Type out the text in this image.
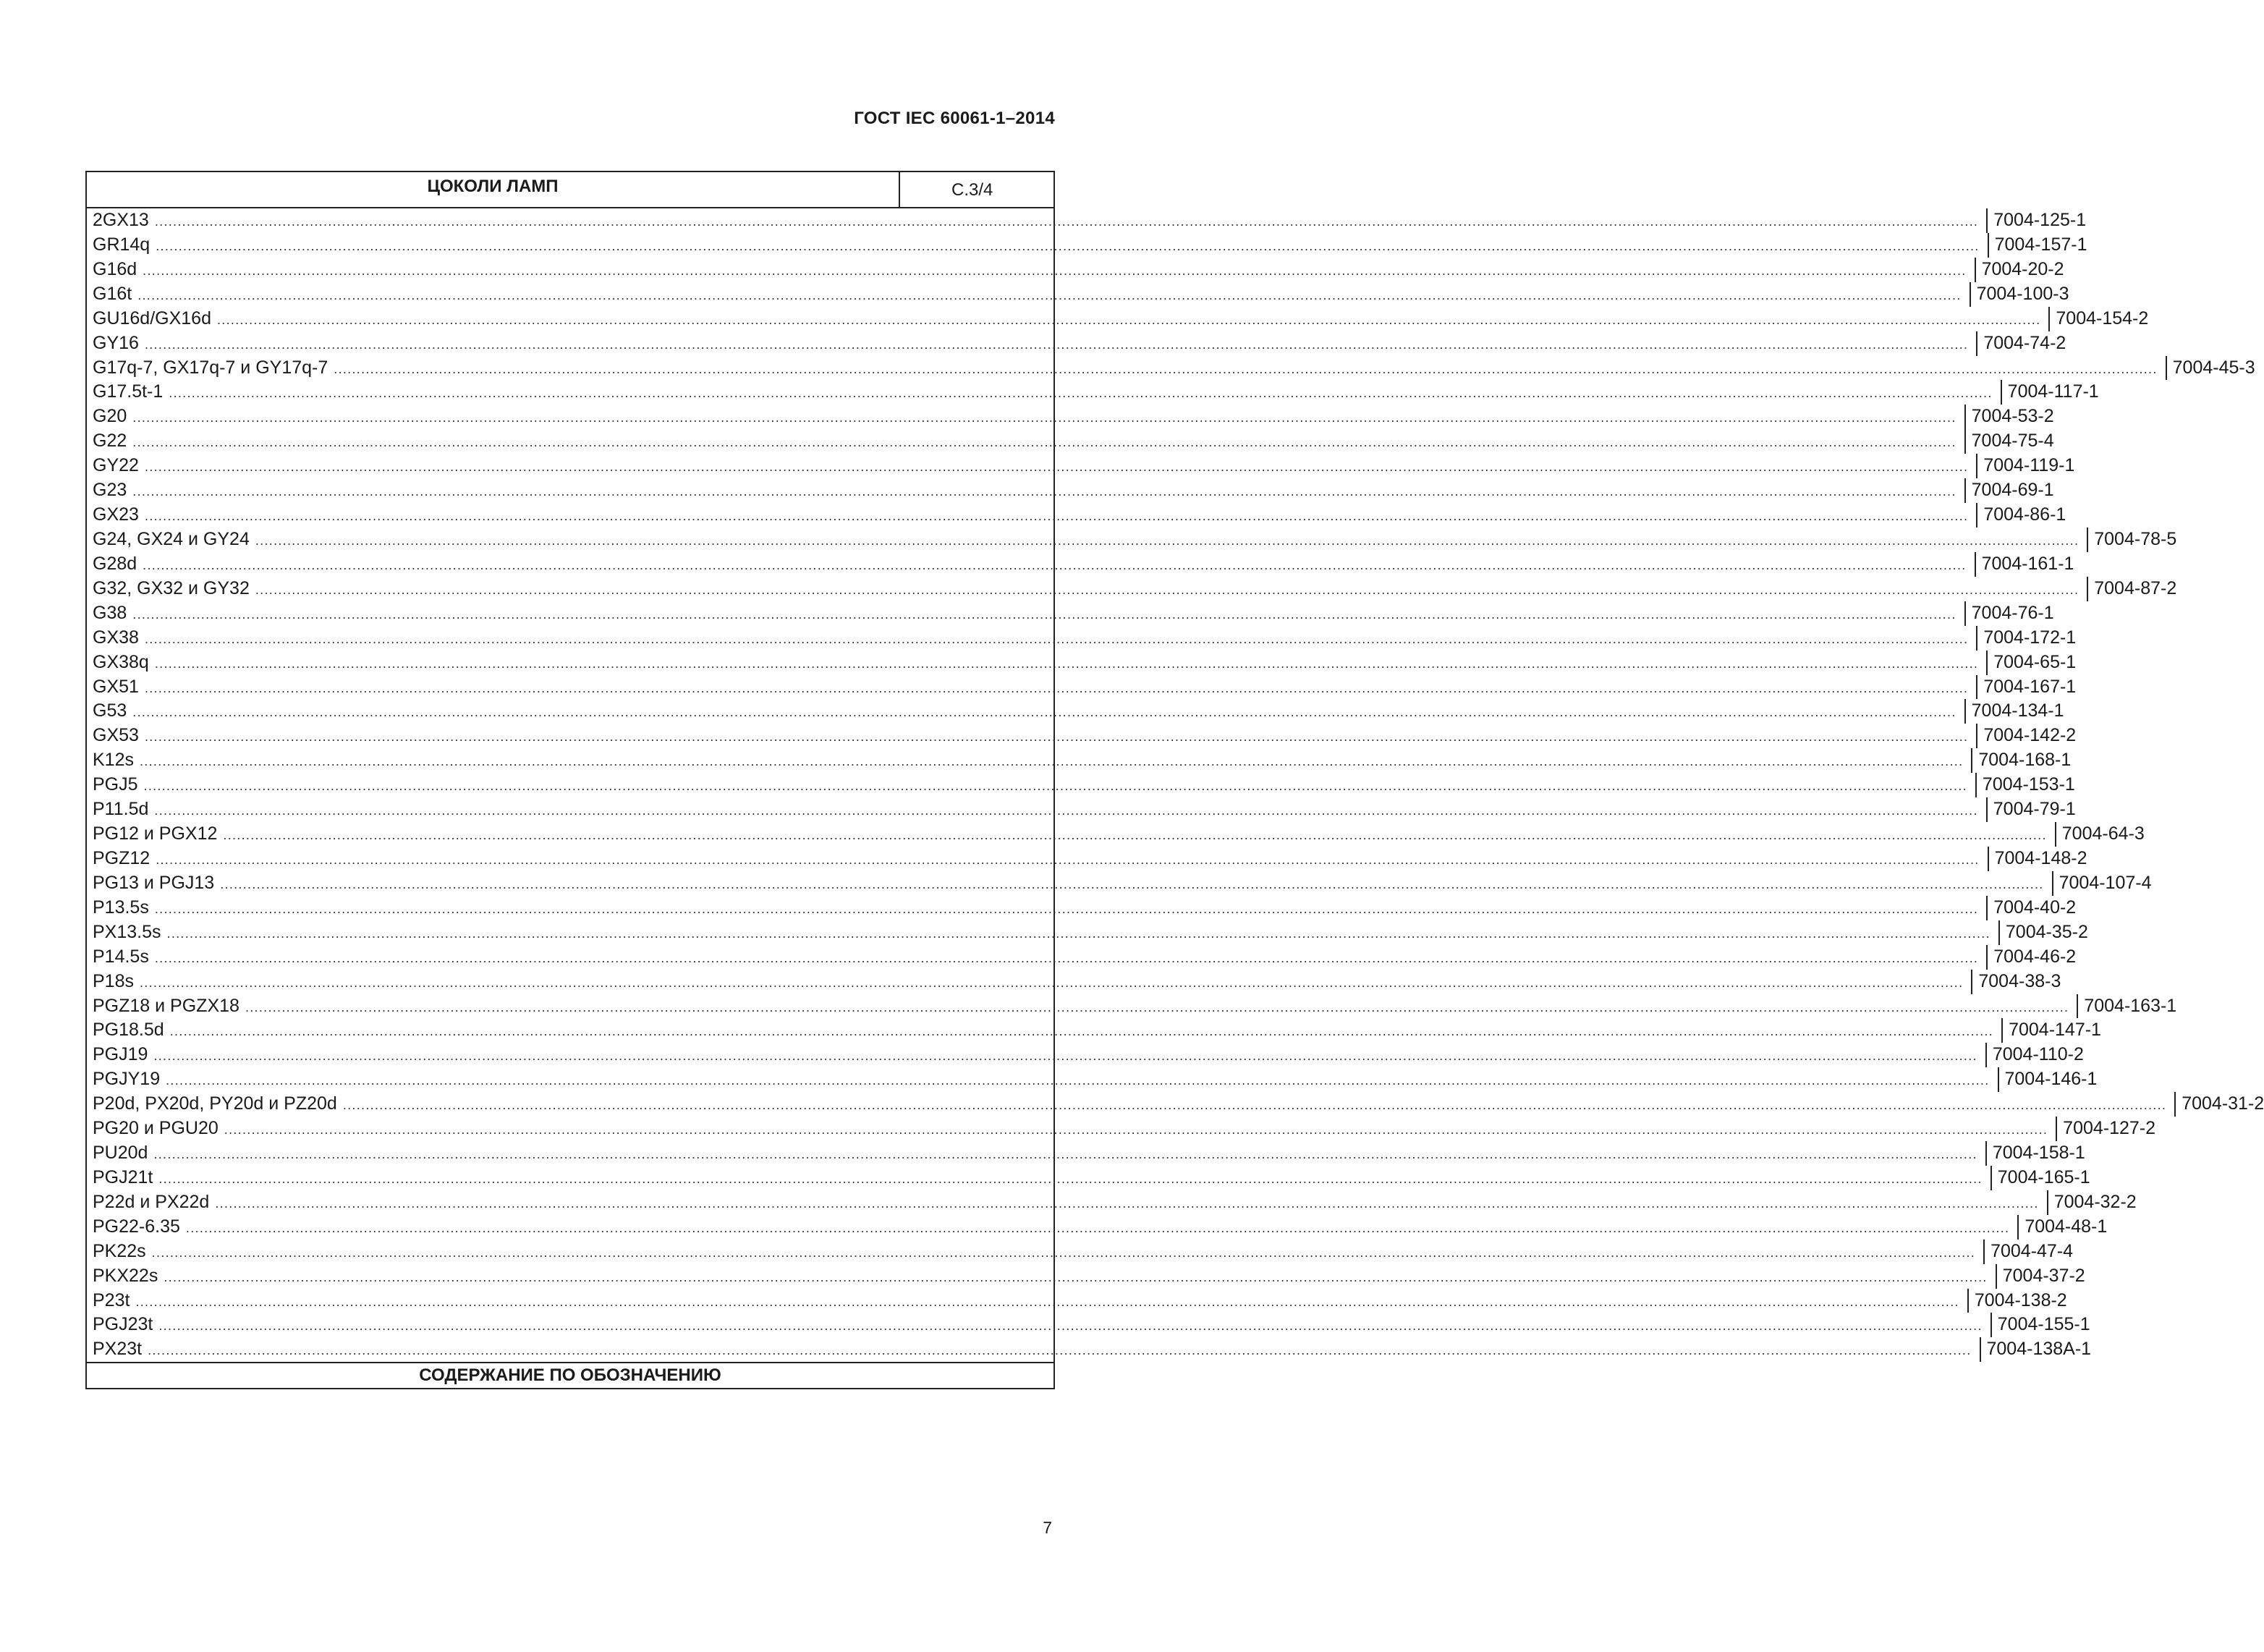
ГОСТ IEC 60061-1–2014
ЦОКОЛИ ЛАМП	C.3/4
2GX13 ................................................................................................................................................................................................................................................................................................................................................................................................................ 7004-125-1
GR14q ................................................................................................................................................................................................................................................................................................................................................................................................................ 7004-157-1
G16d ................................................................................................................................................................................................................................................................................................................................................................................................................ 7004-20-2
G16t ................................................................................................................................................................................................................................................................................................................................................................................................................ 7004-100-3
GU16d/GX16d ................................................................................................................................................................................................................................................................................................................................................................................................................ 7004-154-2
GY16 ................................................................................................................................................................................................................................................................................................................................................................................................................ 7004-74-2
G17q-7, GX17q-7 и GY17q-7 ................................................................................................................................................................................................................................................................................................................................................................................................................ 7004-45-3
G17.5t-1 ................................................................................................................................................................................................................................................................................................................................................................................................................ 7004-117-1
G20 ................................................................................................................................................................................................................................................................................................................................................................................................................ 7004-53-2
G22 ................................................................................................................................................................................................................................................................................................................................................................................................................ 7004-75-4
GY22 ................................................................................................................................................................................................................................................................................................................................................................................................................ 7004-119-1
G23 ................................................................................................................................................................................................................................................................................................................................................................................................................ 7004-69-1
GX23 ................................................................................................................................................................................................................................................................................................................................................................................................................ 7004-86-1
G24, GX24 и GY24 ................................................................................................................................................................................................................................................................................................................................................................................................................ 7004-78-5
G28d ................................................................................................................................................................................................................................................................................................................................................................................................................ 7004-161-1
G32, GX32 и GY32 ................................................................................................................................................................................................................................................................................................................................................................................................................ 7004-87-2
G38 ................................................................................................................................................................................................................................................................................................................................................................................................................ 7004-76-1
GX38 ................................................................................................................................................................................................................................................................................................................................................................................................................ 7004-172-1
GX38q ................................................................................................................................................................................................................................................................................................................................................................................................................ 7004-65-1
GX51 ................................................................................................................................................................................................................................................................................................................................................................................................................ 7004-167-1
G53 ................................................................................................................................................................................................................................................................................................................................................................................................................ 7004-134-1
GX53 ................................................................................................................................................................................................................................................................................................................................................................................................................ 7004-142-2
K12s ................................................................................................................................................................................................................................................................................................................................................................................................................ 7004-168-1
PGJ5 ................................................................................................................................................................................................................................................................................................................................................................................................................ 7004-153-1
P11.5d ................................................................................................................................................................................................................................................................................................................................................................................................................ 7004-79-1
PG12 и PGX12 ................................................................................................................................................................................................................................................................................................................................................................................................................ 7004-64-3
PGZ12 ................................................................................................................................................................................................................................................................................................................................................................................................................ 7004-148-2
PG13 и PGJ13 ................................................................................................................................................................................................................................................................................................................................................................................................................ 7004-107-4
P13.5s ................................................................................................................................................................................................................................................................................................................................................................................................................ 7004-40-2
PX13.5s ................................................................................................................................................................................................................................................................................................................................................................................................................ 7004-35-2
P14.5s ................................................................................................................................................................................................................................................................................................................................................................................................................ 7004-46-2
P18s ................................................................................................................................................................................................................................................................................................................................................................................................................ 7004-38-3
PGZ18 и PGZX18 ................................................................................................................................................................................................................................................................................................................................................................................................................ 7004-163-1
PG18.5d ................................................................................................................................................................................................................................................................................................................................................................................................................ 7004-147-1
PGJ19 ................................................................................................................................................................................................................................................................................................................................................................................................................ 7004-110-2
PGJY19 ................................................................................................................................................................................................................................................................................................................................................................................................................ 7004-146-1
P20d, PX20d, PY20d и PZ20d ................................................................................................................................................................................................................................................................................................................................................................................................................ 7004-31-2
PG20 и PGU20 ................................................................................................................................................................................................................................................................................................................................................................................................................ 7004-127-2
PU20d ................................................................................................................................................................................................................................................................................................................................................................................................................ 7004-158-1
PGJ21t ................................................................................................................................................................................................................................................................................................................................................................................................................ 7004-165-1
P22d и PX22d ................................................................................................................................................................................................................................................................................................................................................................................................................ 7004-32-2
PG22-6.35 ................................................................................................................................................................................................................................................................................................................................................................................................................ 7004-48-1
PK22s ................................................................................................................................................................................................................................................................................................................................................................................................................ 7004-47-4
PKX22s ................................................................................................................................................................................................................................................................................................................................................................................................................ 7004-37-2
P23t ................................................................................................................................................................................................................................................................................................................................................................................................................ 7004-138-2
PGJ23t ................................................................................................................................................................................................................................................................................................................................................................................................................ 7004-155-1
PX23t ................................................................................................................................................................................................................................................................................................................................................................................................................ 7004-138A-1
СОДЕРЖАНИЕ ПО ОБОЗНАЧЕНИЮ
7
